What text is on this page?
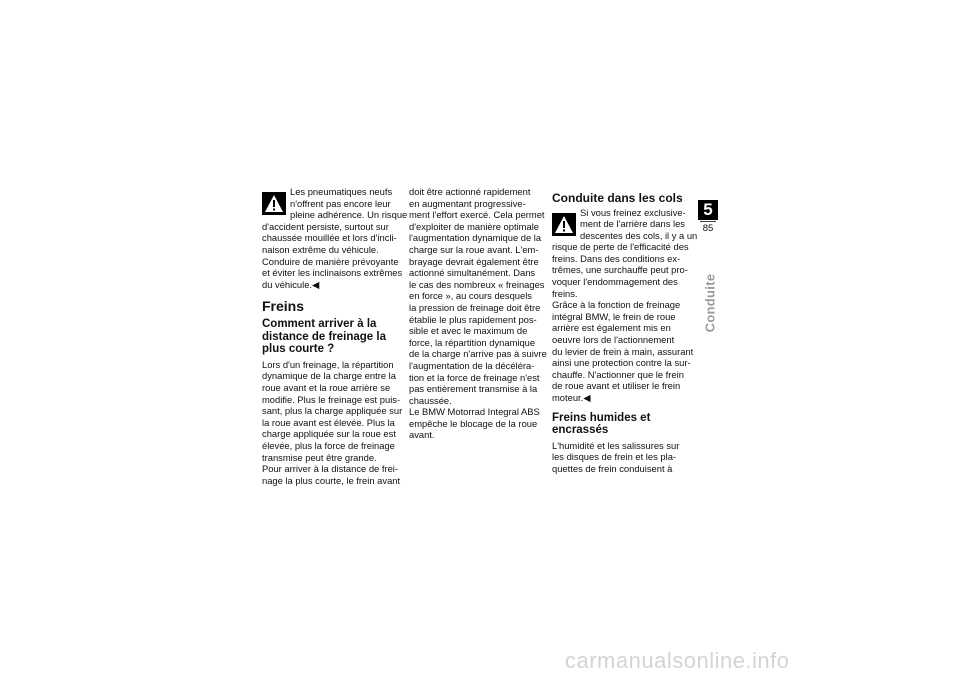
Les pneumatiques neufs
n'offrent pas encore leur
pleine adhérence. Un risque
d'accident persiste, surtout sur
chaussée mouillée et lors d'incli-
naison extrême du véhicule.
Conduire de manière prévoyante
et éviter les inclinaisons extrêmes
du véhicule.◀
Freins
Comment arriver à la
distance de freinage la
plus courte ?
Lors d'un freinage, la répartition
dynamique de la charge entre la
roue avant et la roue arrière se
modifie. Plus le freinage est puis-
sant, plus la charge appliquée sur
la roue avant est élevée. Plus la
charge appliquée sur la roue est
élevée, plus la force de freinage
transmise peut être grande.
Pour arriver à la distance de frei-
nage la plus courte, le frein avant
doit être actionné rapidement
en augmentant progressive-
ment l'effort exercé. Cela permet
d'exploiter de manière optimale
l'augmentation dynamique de la
charge sur la roue avant. L'em-
brayage devrait également être
actionné simultanément. Dans
le cas des nombreux « freinages
en force », au cours desquels
la pression de freinage doit être
établie le plus rapidement pos-
sible et avec le maximum de
force, la répartition dynamique
de la charge n'arrive pas à suivre
l'augmentation de la décéléra-
tion et la force de freinage n'est
pas entièrement transmise à la
chaussée.
Le BMW Motorrad Integral ABS
empêche le blocage de la roue
avant.
Conduite dans les cols
Si vous freinez exclusive-
ment de l'arrière dans les
descentes des cols, il y a un
risque de perte de l'efficacité des
freins. Dans des conditions ex-
trêmes, une surchauffe peut pro-
voquer l'endommagement des
freins.
Grâce à la fonction de freinage
intégral BMW, le frein de roue
arrière est également mis en
oeuvre lors de l'actionnement
du levier de frein à main, assurant
ainsi une protection contre la sur-
chauffe. N'actionner que le frein
de roue avant et utiliser le frein
moteur.◀
Freins humides et
encrassés
L'humidité et les salissures sur
les disques de frein et les pla-
quettes de frein conduisent à
5
85
Conduite
carmanualsonline.info
